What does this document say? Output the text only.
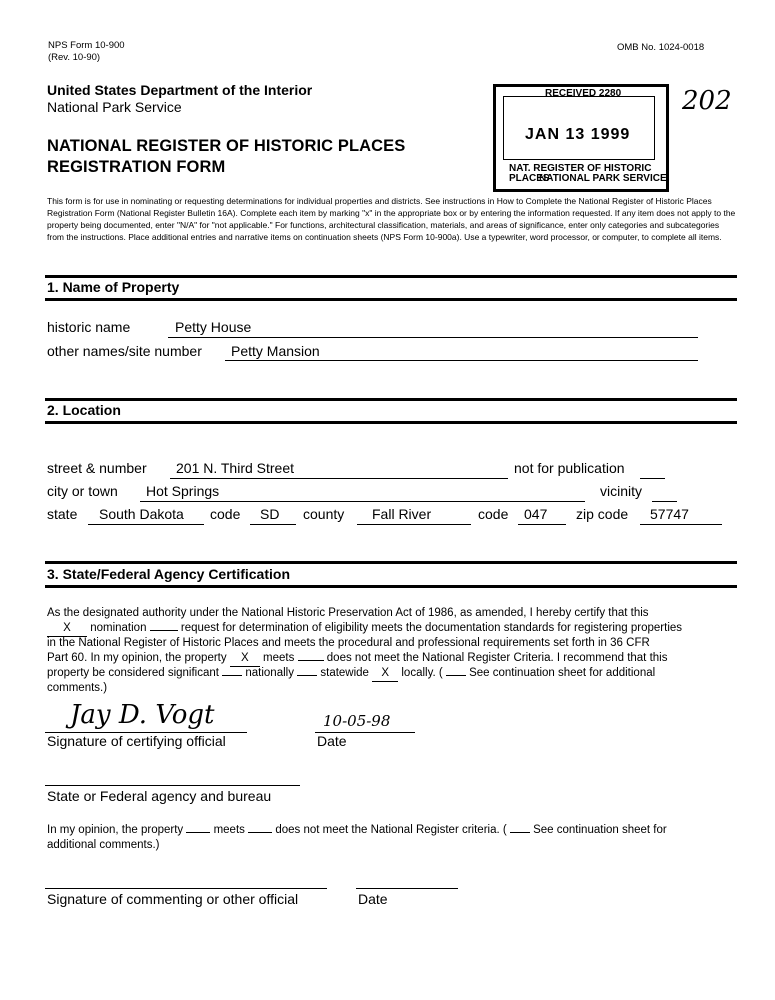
NPS Form 10-900
(Rev. 10-90)
OMB No. 1024-0018
United States Department of the Interior
National Park Service
NATIONAL REGISTER OF HISTORIC PLACES
REGISTRATION FORM
RECEIVED 2280
JAN 13 1999
NAT. REGISTER OF HISTORIC PLACES
NATIONAL PARK SERVICE
202
This form is for use in nominating or requesting determinations for individual properties and districts. See instructions in How to Complete the National Register of Historic Places Registration Form (National Register Bulletin 16A). Complete each item by marking "x" in the appropriate box or by entering the information requested. If any item does not apply to the property being documented, enter "N/A" for "not applicable." For functions, architectural classification, materials, and areas of significance, enter only categories and subcategories from the instructions. Place additional entries and narrative items on continuation sheets (NPS Form 10-900a). Use a typewriter, word processor, or computer, to complete all items.
1. Name of Property
historic name	Petty House
other names/site number Petty Mansion
2. Location
street & number 201 N. Third Street	not for publication
city or town Hot Springs	vicinity
state South Dakota code SD county Fall River	code 047 zip code 57747
3. State/Federal Agency Certification
As the designated authority under the National Historic Preservation Act of 1986, as amended, I hereby certify that this
X nomination	request for determination of eligibility meets the documentation standards for registering properties
in the National Register of Historic Places and meets the procedural and professional requirements set forth in 36 CFR
Part 60. In my opinion, the property X meets	does not meet the National Register Criteria. I recommend that this
property be considered significant nationally statewide X locally. ( See continuation sheet for additional
comments.)
Jay D. Vogt
Signature of certifying official
10-05-98
Date
State or Federal agency and bureau
In my opinion, the property	meets	does not meet the National Register criteria. ( See continuation sheet for
additional comments.)
Signature of commenting or other official	Date
